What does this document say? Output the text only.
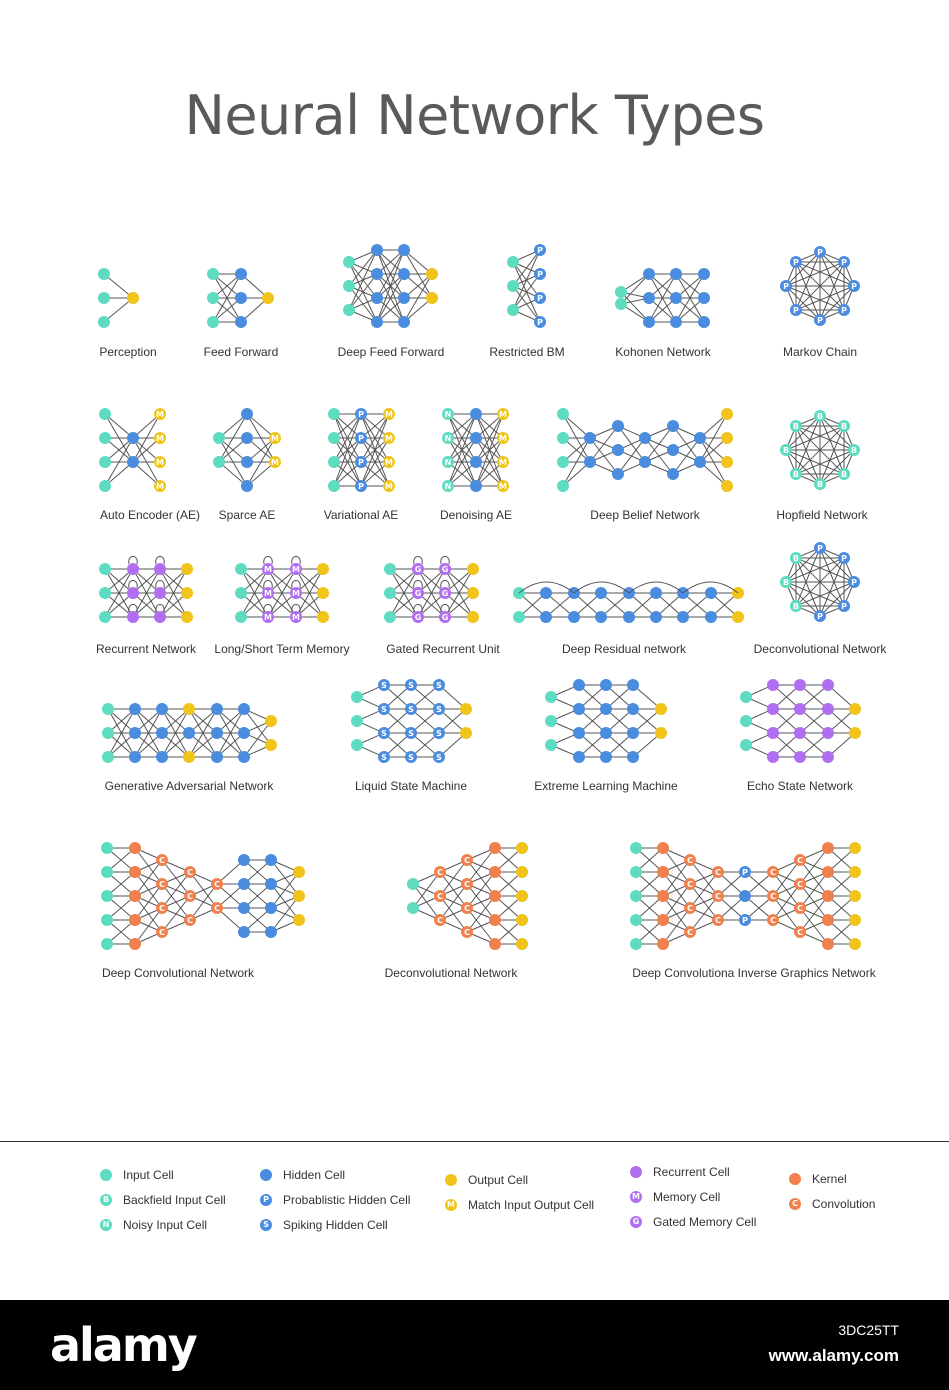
Neural Network Types
P
P
P
P
P
P
P
P
P
P
P
P
M
M
M
M
M
M
P
P
P
P
M
M
M
M
N
N
N
N
M
M
M
M
B
B
B
B
B
B
B
B
M
M
M
M
M
M
G
G
G
G
G
G
P
P
P
P
P
B
B
B
S
S
S
S
S
S
S
S
S
S
S
S
C
C
C
C
C
C
C
C
C
C
C
C
C
C
C
C
C
C
C
C
C
C
C
P
P
C
C
C
C
C
C
C
Perception	Feed Forward	Deep Feed Forward	Restricted BM	Kohonen Network	Markov Chain
Auto Encoder (AE) Sparce AE	Variational AE	Denoising AE	Deep Belief Network	Hopfield Network
Recurrent Network Long/Short Term Memory	Gated Recurrent Unit	Deep Residual network	Deconvolutional Network
Generative Adversarial Network	Liquid State Machine	Extreme Learning Machine	Echo State Network
Deep Convolutional Network	Deconvolutional Network	Deep Convolutiona Inverse Graphics Network
Input Cell
B Backfield Input Cell
N Noisy Input Cell
Hidden Cell
P Probablistic Hidden Cell
S Spiking Hidden Cell
Output Cell
M Match Input Output Cell
Recurrent Cell
M Memory Cell
G Gated Memory Cell
Kernel
C Convolution
alamy	3DC25TT
www.alamy.com
